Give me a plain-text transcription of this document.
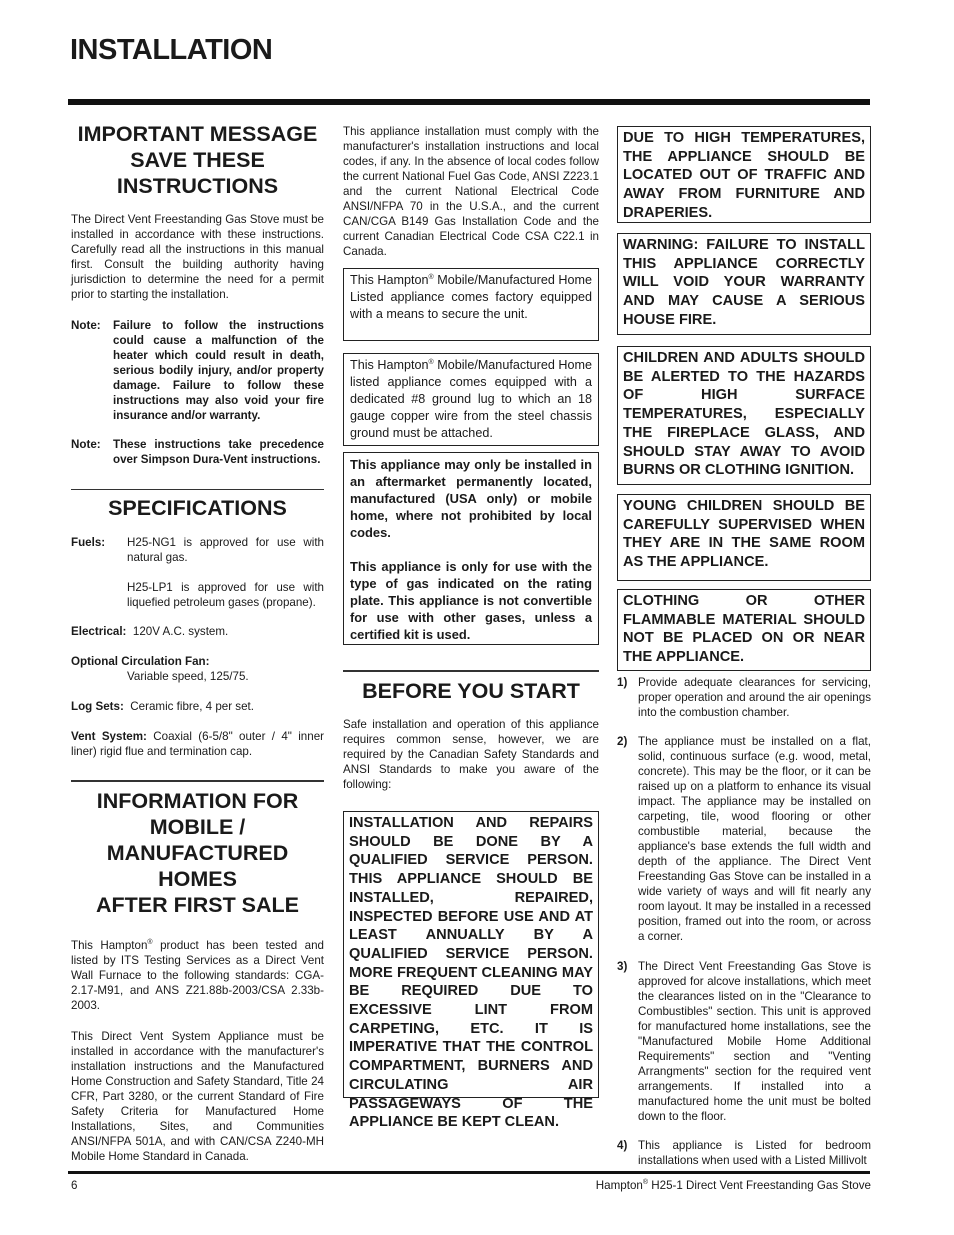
INSTALLATION
IMPORTANT MESSAGE
SAVE THESE
INSTRUCTIONS
The Direct Vent Freestanding Gas Stove must be installed in accordance with these instructions. Carefully read all the instructions in this manual first. Consult the building authority having jurisdiction to determine the need for a permit prior to starting the installation.
Note:	Failure to follow the instructions could cause a malfunction of the heater which could result in death, serious bodily injury, and/or property damage. Failure to follow these instructions may also void your fire insurance and/or warranty.
Note:	These instructions take precedence over Simpson Dura-Vent instructions.
SPECIFICATIONS
Fuels:	H25-NG1 is approved for use with natural gas.
H25-LP1 is approved for use with liquefied petroleum gases (propane).
Electrical: 120V A.C. system.
Optional Circulation Fan:
Variable speed, 125/75.
Log Sets: Ceramic fibre, 4 per set.
Vent System: Coaxial (6-5/8" outer / 4" inner liner) rigid flue and termination cap.
INFORMATION FOR
MOBILE /
MANUFACTURED
HOMES
AFTER FIRST SALE
This Hampton® product has been tested and listed by ITS Testing Services as a Direct Vent Wall Furnace to the following standards: CGA-2.17-M91, and ANS Z21.88b-2003/CSA 2.33b-2003.
This Direct Vent System Appliance must be installed in accordance with the manufacturer's installation instructions and the Manufactured Home Construction and Safety Standard, Title 24 CFR, Part 3280, or the current Standard of Fire Safety Criteria for Manufactured Home Installations, Sites, and Communities ANSI/NFPA 501A, and with CAN/CSA Z240-MH Mobile Home Standard in Canada.
This appliance installation must comply with the manufacturer's installation instructions and local codes, if any. In the absence of local codes follow the current National Fuel Gas Code, ANSI Z223.1 and the current National Electrical Code ANSI/NFPA 70 in the U.S.A., and the current CAN/CGA B149 Gas Installation Code and the current Canadian Electrical Code CSA C22.1 in Canada.
This Hampton® Mobile/Manufactured Home Listed appliance comes factory equipped with a means to secure the unit.
This Hampton® Mobile/Manufactured Home listed appliance comes equipped with a dedicated #8 ground lug to which an 18 gauge copper wire from the steel chassis ground must be attached.
This appliance may only be installed in an aftermarket permanently located, manufactured (USA only) or mobile home, where not prohibited by local codes.
This appliance is only for use with the type of gas indicated on the rating plate. This appliance is not convertible for use with other gases, unless a certified kit is used.
BEFORE YOU START
Safe installation and operation of this appliance requires common sense, however, we are required by the Canadian Safety Standards and ANSI Standards to make you aware of the following:
INSTALLATION AND REPAIRS SHOULD BE DONE BY A QUALIFIED SERVICE PERSON. THIS APPLIANCE SHOULD BE INSTALLED, REPAIRED, INSPECTED BEFORE USE AND AT LEAST ANNUALLY BY A QUALIFIED SERVICE PERSON. MORE FREQUENT CLEANING MAY BE REQUIRED DUE TO EXCESSIVE LINT FROM CARPETING, ETC. IT IS IMPERATIVE THAT THE CONTROL COMPARTMENT, BURNERS AND CIRCULATING AIR PASSAGEWAYS OF THE APPLIANCE BE KEPT CLEAN.
DUE TO HIGH TEMPERATURES, THE APPLIANCE SHOULD BE LOCATED OUT OF TRAFFIC AND AWAY FROM FURNITURE AND DRAPERIES.
WARNING: FAILURE TO INSTALL THIS APPLIANCE CORRECTLY WILL VOID YOUR WARRANTY AND MAY CAUSE A SERIOUS HOUSE FIRE.
CHILDREN AND ADULTS SHOULD BE ALERTED TO THE HAZARDS OF HIGH SURFACE TEMPERATURES, ESPECIALLY THE FIREPLACE GLASS, AND SHOULD STAY AWAY TO AVOID BURNS OR CLOTHING IGNITION.
YOUNG CHILDREN SHOULD BE CAREFULLY SUPERVISED WHEN THEY ARE IN THE SAME ROOM AS THE APPLIANCE.
CLOTHING OR OTHER FLAMMABLE MATERIAL SHOULD NOT BE PLACED ON OR NEAR THE APPLIANCE.
1) Provide adequate clearances for servicing, proper operation and around the air openings into the combustion chamber.
2) The appliance must be installed on a flat, solid, continuous surface (e.g. wood, metal, concrete). This may be the floor, or it can be raised up on a platform to enhance its visual impact. The appliance may be installed on carpeting, tile, wood flooring or other combustible material, because the appliance's base extends the full width and depth of the appliance. The Direct Vent Freestanding Gas Stove can be installed in a wide variety of ways and will fit nearly any room layout. It may be installed in a recessed position, framed out into the room, or across a corner.
3) The Direct Vent Freestanding Gas Stove is approved for alcove installations, which meet the clearances listed on in the "Clearance to Combustibles" section. This unit is approved for manufactured home installations, see the "Manufactured Mobile Home Additional Requirements" section and "Venting Arrangments" section for the required vent arrangements. If installed into a manufactured home the unit must be bolted down to the floor.
4) This appliance is Listed for bedroom installations when used with a Listed Millivolt
6	Hampton® H25-1 Direct Vent Freestanding Gas Stove
